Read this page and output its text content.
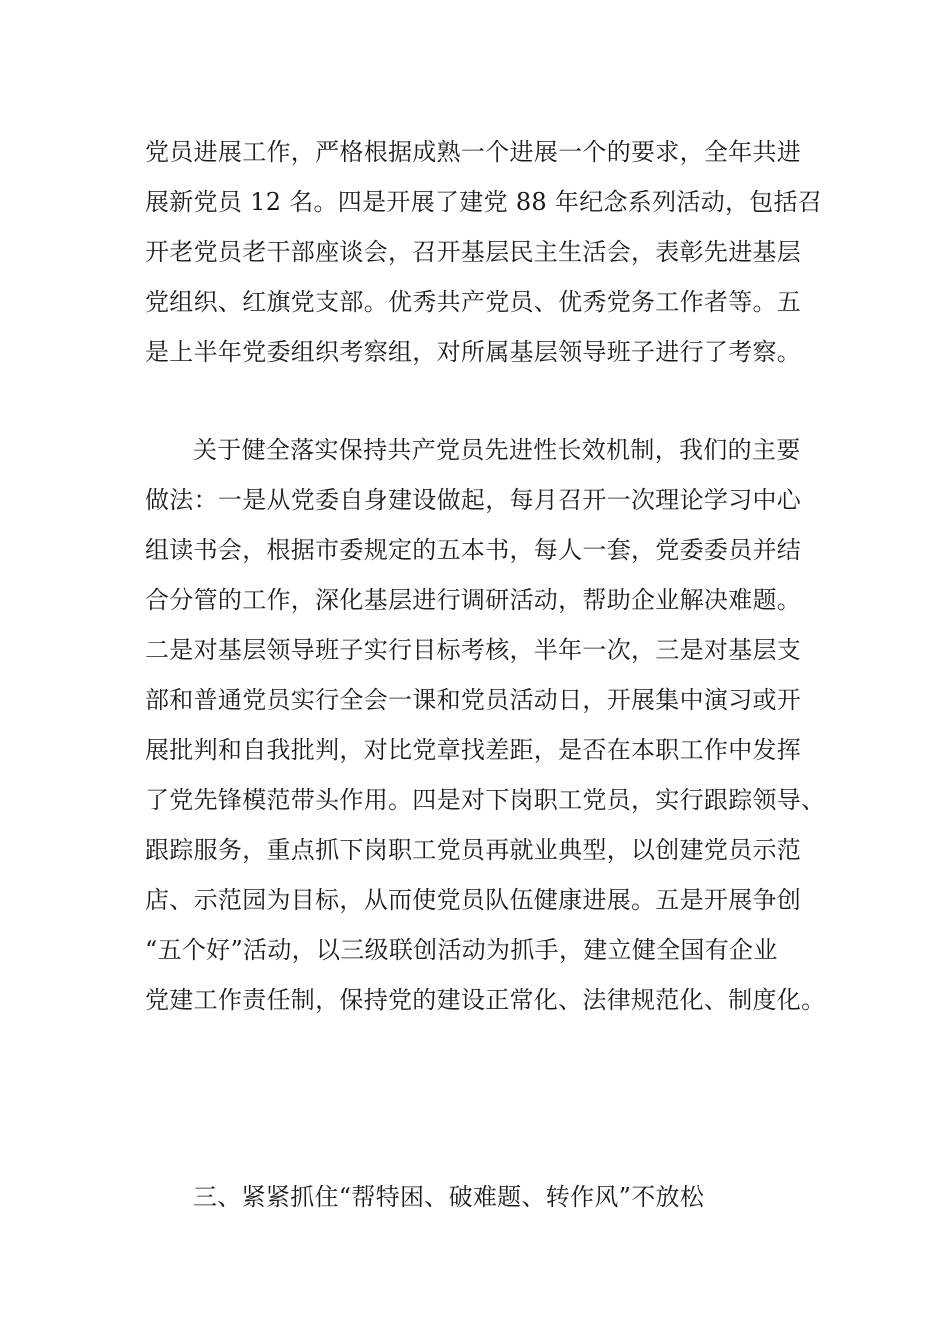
党员进展工作，严格根据成熟一个进展一个的要求，全年共进
展新党员 12 名。四是开展了建党 88 年纪念系列活动，包括召
开老党员老干部座谈会，召开基层民主生活会，表彰先进基层
党组织、红旗党支部。优秀共产党员、优秀党务工作者等。五
是上半年党委组织考察组，对所属基层领导班子进行了考察。
关于健全落实保持共产党员先进性长效机制，我们的主要
做法：一是从党委自身建设做起，每月召开一次理论学习中心
组读书会，根据市委规定的五本书，每人一套，党委委员并结
合分管的工作，深化基层进行调研活动，帮助企业解决难题。
二是对基层领导班子实行目标考核，半年一次，三是对基层支
部和普通党员实行全会一课和党员活动日，开展集中演习或开
展批判和自我批判，对比党章找差距，是否在本职工作中发挥
了党先锋模范带头作用。四是对下岗职工党员，实行跟踪领导、
跟踪服务，重点抓下岗职工党员再就业典型，以创建党员示范
店、示范园为目标，从而使党员队伍健康进展。五是开展争创
“五个好”活动，以三级联创活动为抓手，建立健全国有企业
党建工作责任制，保持党的建设正常化、法律规范化、制度化。
三、紧紧抓住“帮特困、破难题、转作风”不放松
